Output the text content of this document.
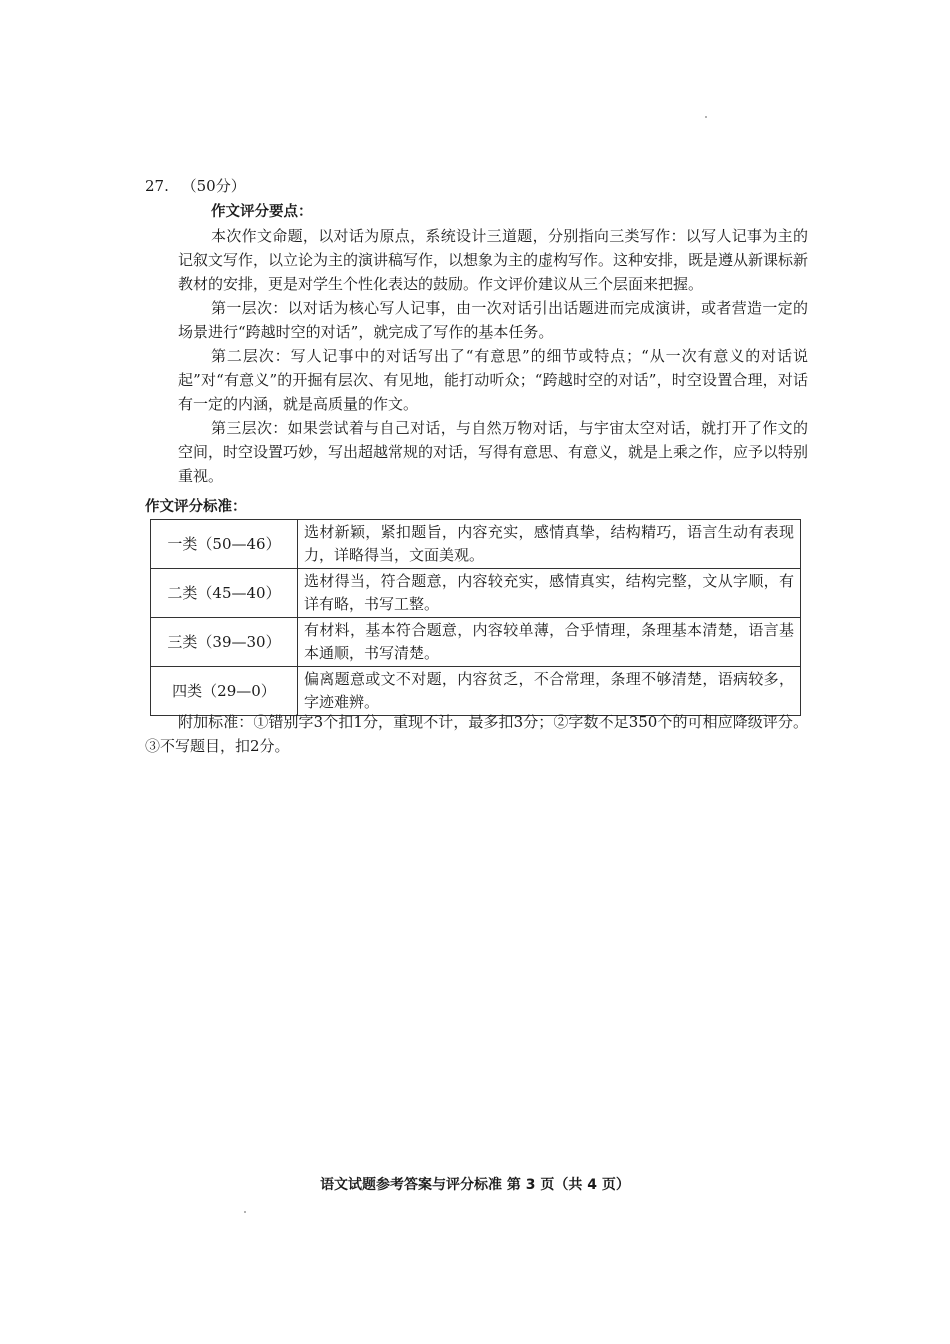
27. （50分）

作文评分要点：

本次作文命题，以对话为原点，系统设计三道题，分别指向三类写作：以写人记事为主的记叙文写作，以立论为主的演讲稿写作，以想象为主的虚构写作。这种安排，既是遵从新课标新教材的安排，更是对学生个性化表达的鼓励。作文评价建议从三个层面来把握。

第一层次：以对话为核心写人记事，由一次对话引出话题进而完成演讲，或者营造一定的场景进行“跨越时空的对话”，就完成了写作的基本任务。

第二层次：写人记事中的对话写出了“有意思”的细节或特点；“从一次有意义的对话说起”对“有意义”的开掘有层次、有见地，能打动听众；“跨越时空的对话”，时空设置合理，对话有一定的内涵，就是高质量的作文。

第三层次：如果尝试着与自己对话，与自然万物对话，与宇宙太空对话，就打开了作文的空间，时空设置巧妙，写出超越常规的对话，写得有意思、有意义，就是上乘之作，应予以特别重视。

作文评分标准：
一类（50—46）	选材新颖，紧扣题旨，内容充实，感情真挚，结构精巧，语言生动有表现力，详略得当，文面美观。
二类（45—40）	选材得当，符合题意，内容较充实，感情真实，结构完整，文从字顺，有详有略，书写工整。
三类（39—30）	有材料，基本符合题意，内容较单薄，合乎情理，条理基本清楚，语言基本通顺，书写清楚。
四类（29—0）	偏离题意或文不对题，内容贫乏，不合常理，条理不够清楚，语病较多，字迹难辨。

附加标准：①错别字3个扣1分，重现不计，最多扣3分；②字数不足350个的可相应降级评分。③不写题目，扣2分。

语文试题参考答案与评分标准 第 3 页（共 4 页）
